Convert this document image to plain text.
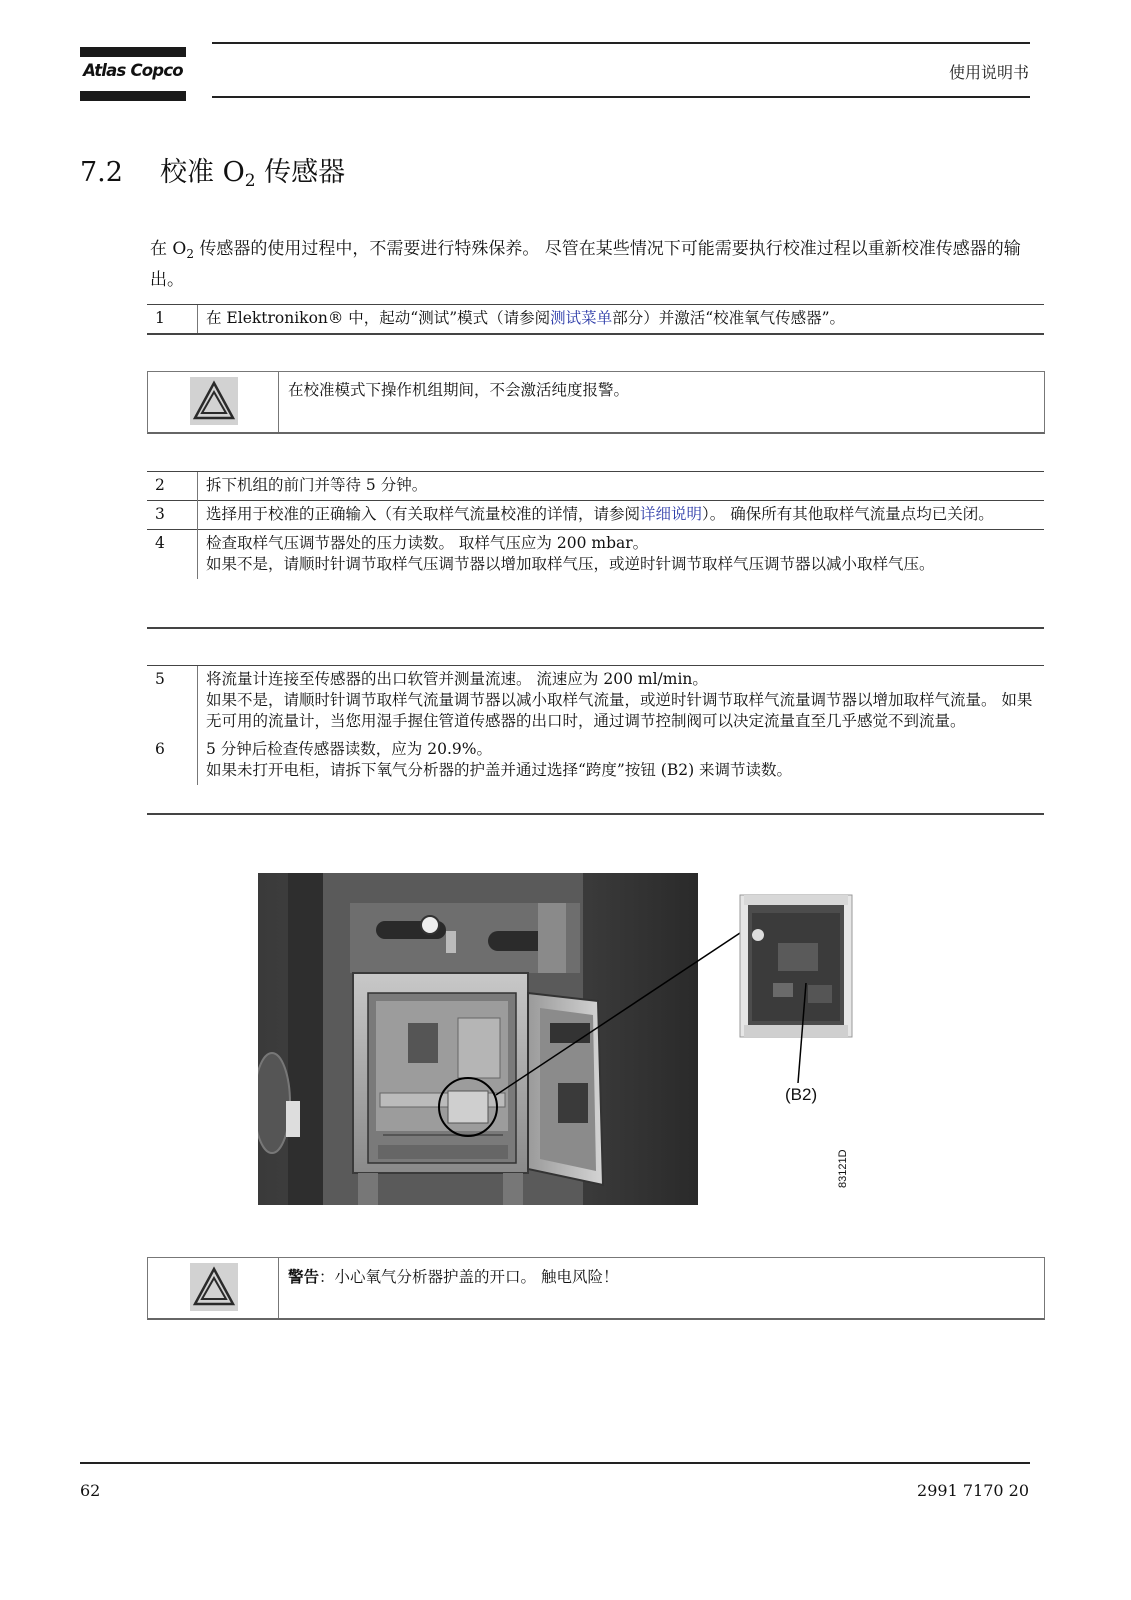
Atlas Copco	使用说明书
7.2 校准 $O_2$ 传感器
在 $O_2$ 传感器的使用过程中，不需要进行特殊保养。 尽管在某些情况下可能需要执行校准过程以重新校准传感器的输出。
1	在 Elektronikon® 中，起动“测试”模式（请参阅测试菜单部分）并激活“校准氧气传感器”。
在校准模式下操作机组期间，不会激活纯度报警。
2	拆下机组的前门并等待 5 分钟。
3	选择用于校准的正确输入（有关取样气流量校准的详情，请参阅详细说明）。 确保所有其他取样气流量点均已关闭。
4	检查取样气压调节器处的压力读数。 取样气压应为 200 mbar。
如果不是，请顺时针调节取样气压调节器以增加取样气压，或逆时针调节取样气压调节器以减小取样气压。
5	将流量计连接至传感器的出口软管并测量流速。 流速应为 200 ml/min。
如果不是，请顺时针调节取样气流量调节器以减小取样气流量，或逆时针调节取样气流量调节器以增加取样气流量。 如果无可用的流量计，当您用湿手握住管道传感器的出口时，通过调节控制阀可以决定流量直至几乎感觉不到流量。

6	5 分钟后检查传感器读数，应为 20.9%。
如果未打开电柜，请拆下氧气分析器的护盖并通过选择“跨度”按钮 (B2) 来调节读数。
(B2)
83121D
警告：小心氧气分析器护盖的开口。 触电风险！
62	2991 7170 20
